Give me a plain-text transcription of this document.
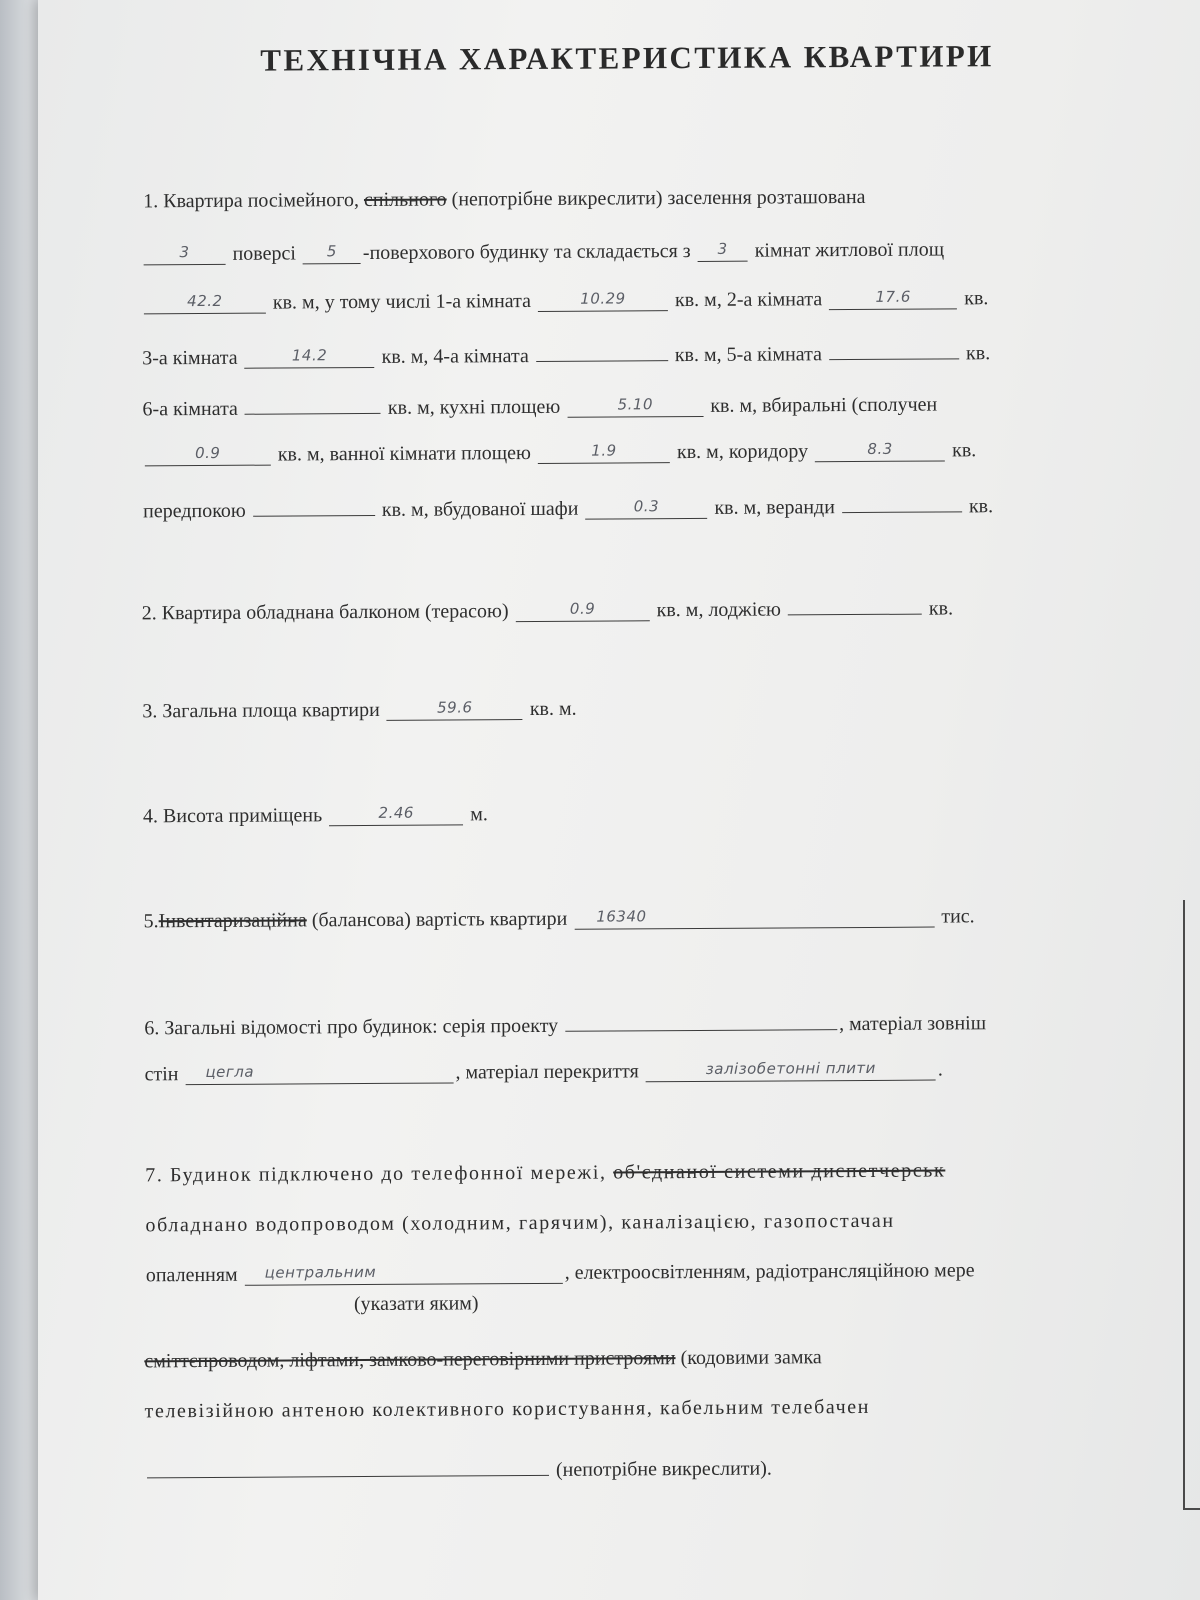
ТЕХНІЧНА ХАРАКТЕРИСТИКА КВАРТИРИ
1. Квартира посімейного, спільного (непотрібне викреслити) заселення розташована
3 поверсі 5 -поверхового будинку та складається з 3 кімнат житлової площ
42.2	кв. м, у тому числі 1-а кімната	10.29 кв. м, 2-а кімната	17.6	кв.
3-а кімната	14.2	кв. м, 4-а кімната	кв. м, 5-а кімната	кв.
6-а кімната	кв. м, кухні площею	5.10	кв. м, вбиральні (сполучен
0.9	кв. м, ванної кімнати площею	1.9	кв. м, коридору	8.3	кв.
передпокою	кв. м, вбудованої шафи	0.3	кв. м, веранди	кв.
2. Квартира обладнана балконом (терасою)	0.9	кв. м, лоджією	кв.
3. Загальна площа квартири	59.6	кв. м.
4. Висота приміщень	2.46	м.
5.Інвентаризаційна (балансова) вартість квартири 16340	тис.
6. Загальні відомості про будинок: серія проекту	, матеріал зовніш
стін цегла	, матеріал перекриття	залізобетонні плити	.
7. Будинок підключено до телефонної мережі, об'єднаної системи диспетчерськ
обладнано водопроводом (холодним, гарячим), каналізацією, газопостачан
опаленням центральним	, електроосвітленням, радіотрансляційною мере
(указати яким)
сміттєпроводом, ліфтами, замково-переговірними пристроями (кодовими замка
телевізійною антеною колективного користування, кабельним телебачен
(непотрібне викреслити).
